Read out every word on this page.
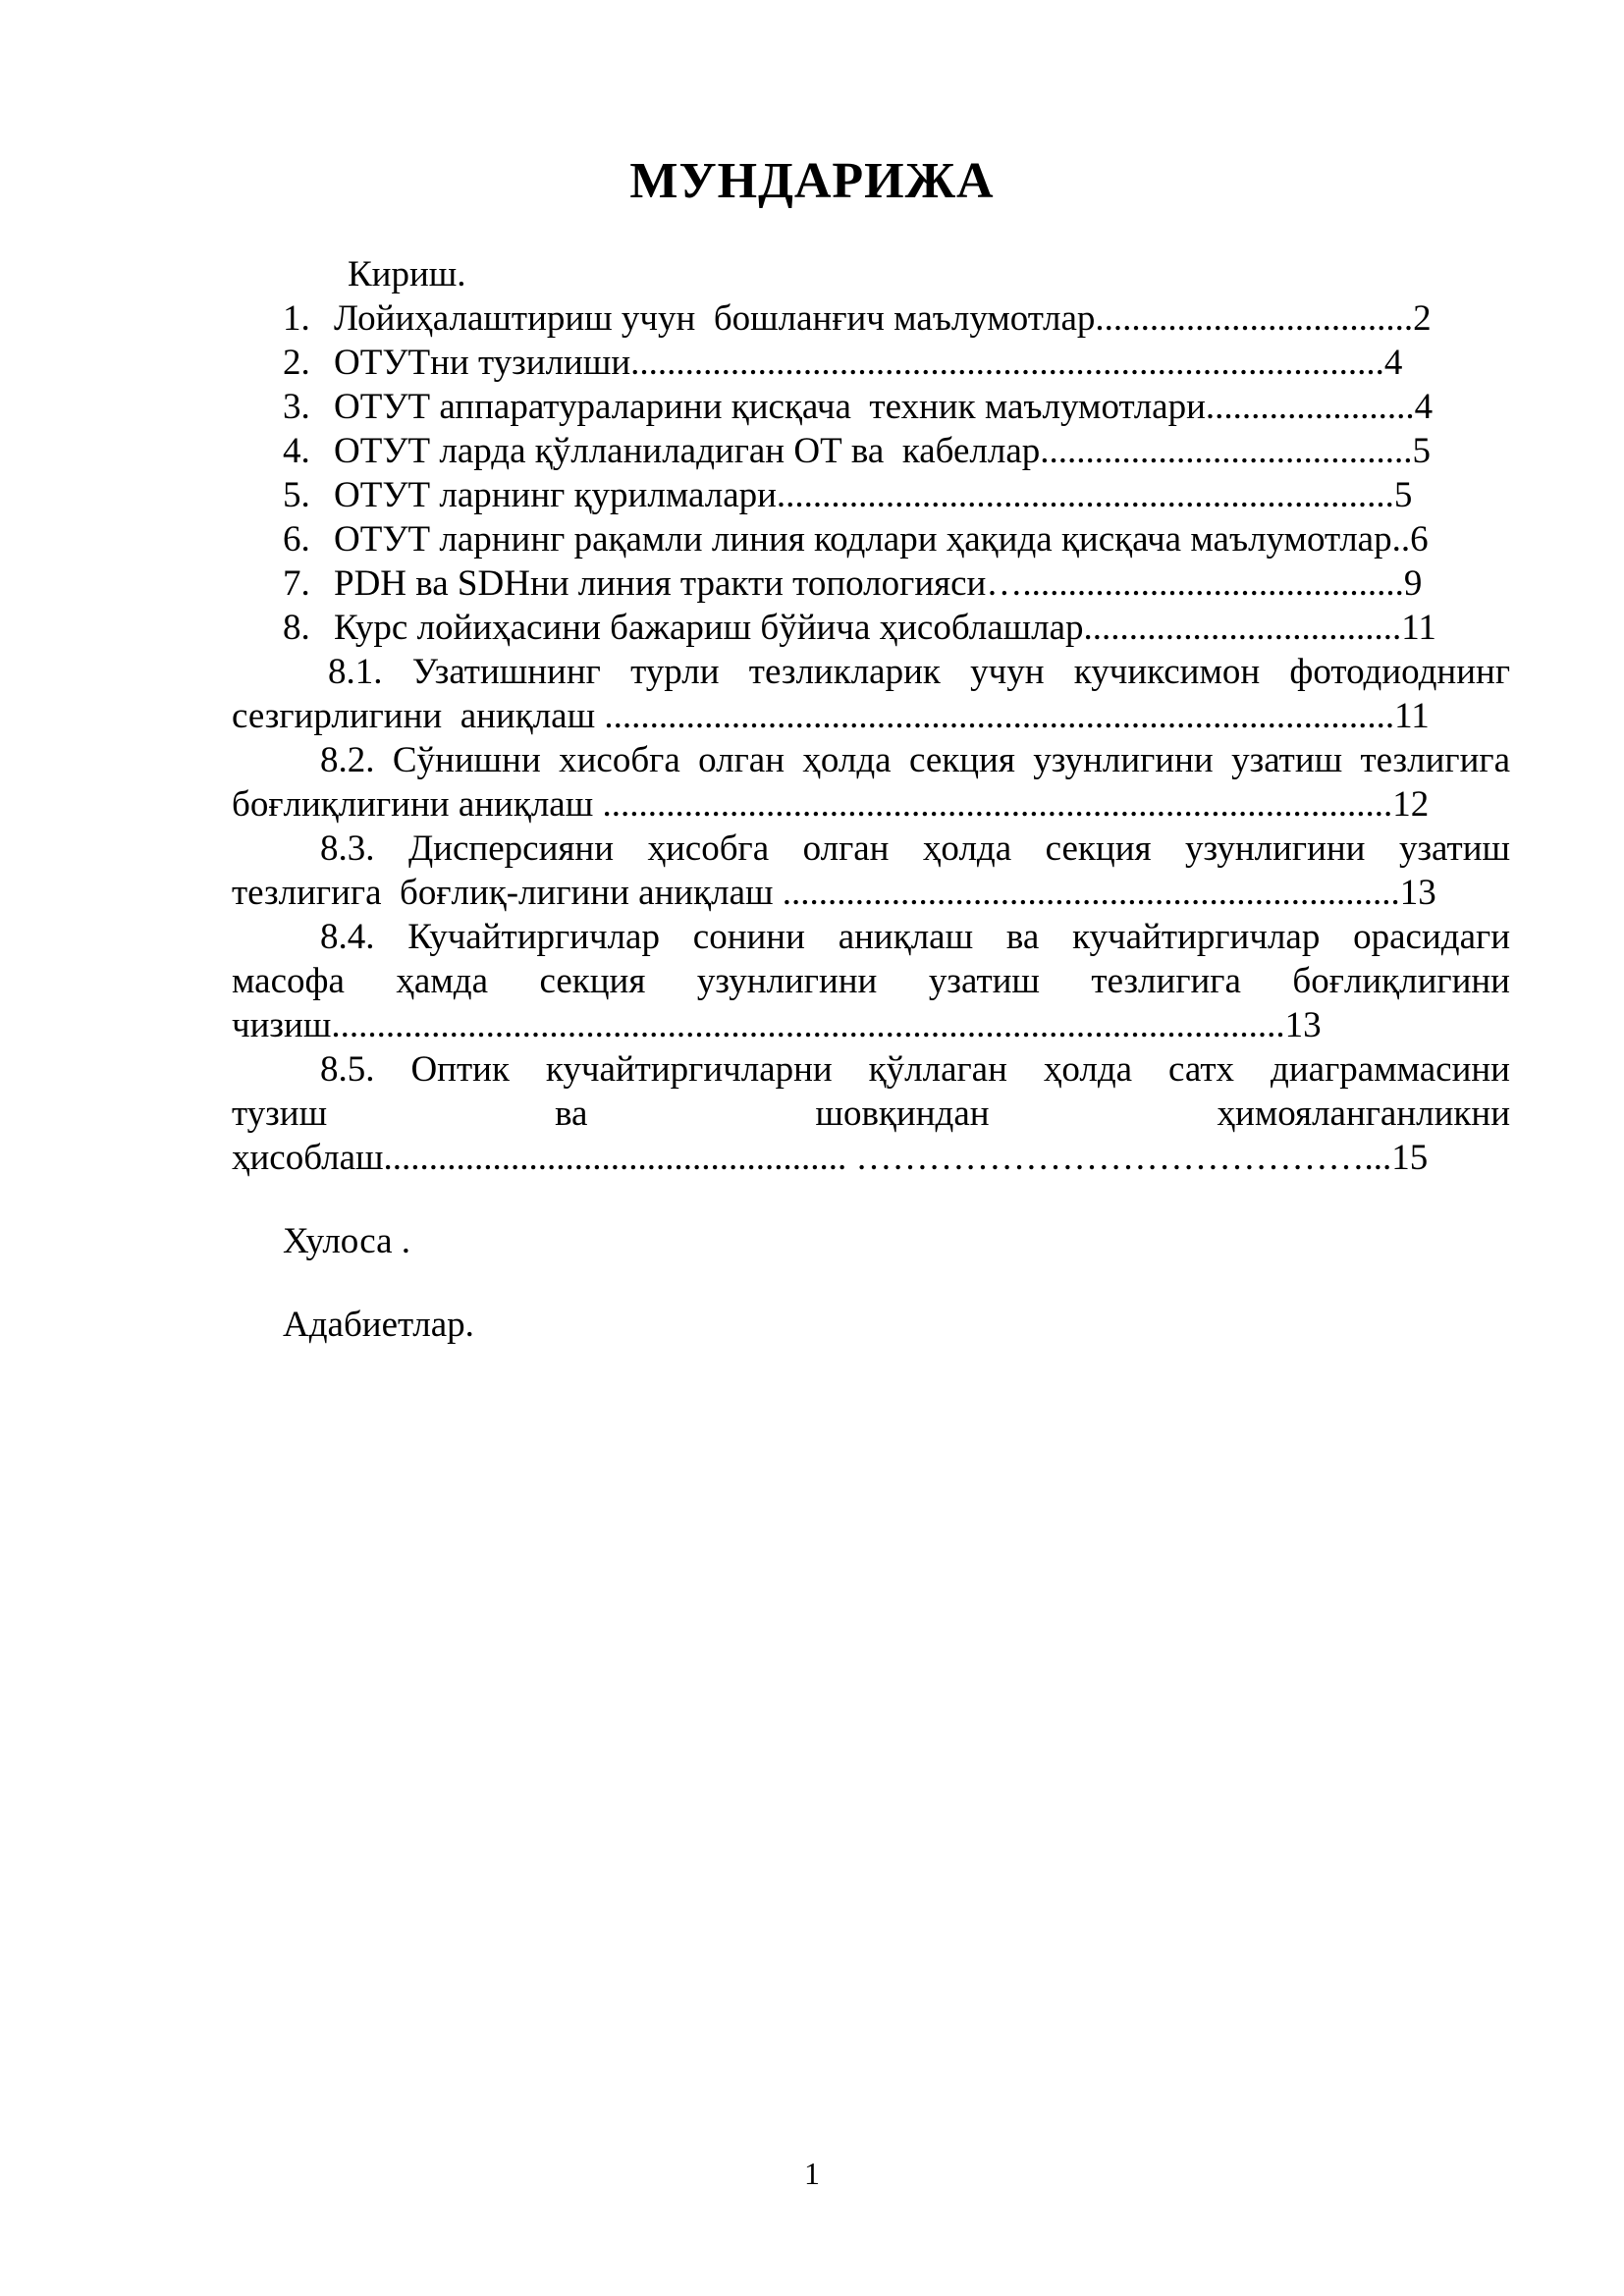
МУНДАРИЖА
Кириш.
1. Лойиҳалаштириш учун  бошланғич маълумотлар...................................2
2. ОТУТни тузилиши...................................................................................4
3. ОТУТ аппаратураларини қисқача  техник маълумотлари.......................4
4. ОТУТ ларда қўлланиладиган ОТ ва  кабеллар.........................................5
5. ОТУТ ларнинг қурилмалари....................................................................5
6. ОТУТ ларнинг рақамли линия кодлари ҳақида қисқача маълумотлар..6
7. PDH ва SDHни линия тракти топологияси…..........................................9
8. Курс лойиҳасини бажариш бўйича ҳисоблашлар...................................11
8.1. Узатишнинг турли тезликларик учун кучиксимон фотодиоднинг
сезгирлигини  аниқлаш .......................................................................................11
8.2. Сўнишни хисобга олган ҳолда секция узунлигини узатиш тезлигига
боғлиқлигини аниқлаш .......................................................................................12
8.3. Дисперсияни ҳисобга олган ҳолда секция узунлигини узатиш
тезлигига  боғлиқ-лигини аниқлаш ....................................................................13
8.4. Кучайтиргичлар сонини аниқлаш ва кучайтиргичлар орасидаги
масофа ҳамда секция узунлигини узатиш тезлигига боғлиқлигини
чизиш.........................................................................................................13
8.5. Оптик кучайтиргичларни қўллаган ҳолда сатх диаграммасини
тузиш ва шовқиндан ҳимояланганликни
ҳисоблаш................................................... ……………………………………...15
Хулоса .
Адабиетлар.
1
